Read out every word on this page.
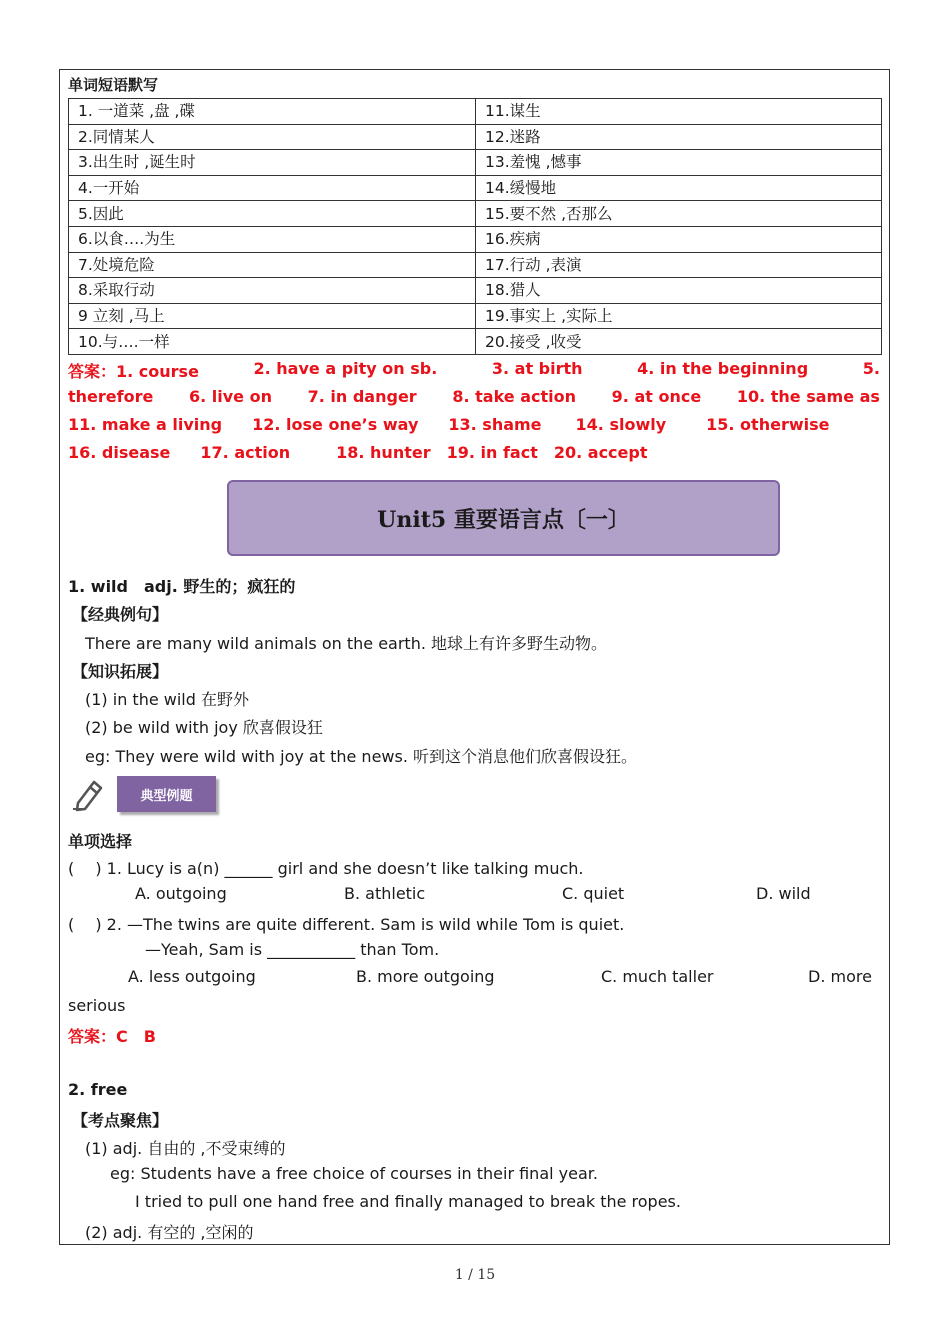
单词短语默写
1. 一道菜 ,盘 ,碟	11.谋生
2.同情某人	12.迷路
3.出生时 ,诞生时	13.羞愧 ,憾事
4.一开始	14.缓慢地
5.因此	15.要不然 ,否那么
6.以食….为生	16.疾病
7.处境危险	17.行动 ,表演
8.采取行动	18.猎人
9 立刻 ,马上	19.事实上 ,实际上
10.与….一样	20.接受 ,收受
答案：1. course	2. have a pity on sb.	3. at birth	4. in the beginning	5.
therefore 6. live on 7. in danger 8. take action 9. at once 10. the same as
11. make a living 12. lose one’s way 13. shame 14. slowly	15. otherwise
16. disease 17. action	18. hunter 19. in fact 20. accept
Unit5 重要语言点〔一〕
1. wild　adj. 野生的；疯狂的
【经典例句】
There are many wild animals on the earth. 地球上有许多野生动物。
【知识拓展】
(1) in the wild 在野外
(2) be wild with joy 欣喜假设狂
eg: They were wild with joy at the news. 听到这个消息他们欣喜假设狂。
典型例题
单项选择
(　 ) 1. Lucy is a(n) ______ girl and she doesn’t like talking much.
A. outgoing	B. athletic	C. quiet	D. wild
(　 ) 2. —The twins are quite different. Sam is wild while Tom is quiet.
—Yeah, Sam is ___________ than Tom.
A. less outgoing	B. more outgoing	C. much taller	D. more
serious
答案：C　B
2. free
【考点聚焦】
(1) adj. 自由的 ,不受束缚的
eg: Students have a free choice of courses in their final year.
I tried to pull one hand free and finally managed to break the ropes.
(2) adj. 有空的 ,空闲的
1 / 15
